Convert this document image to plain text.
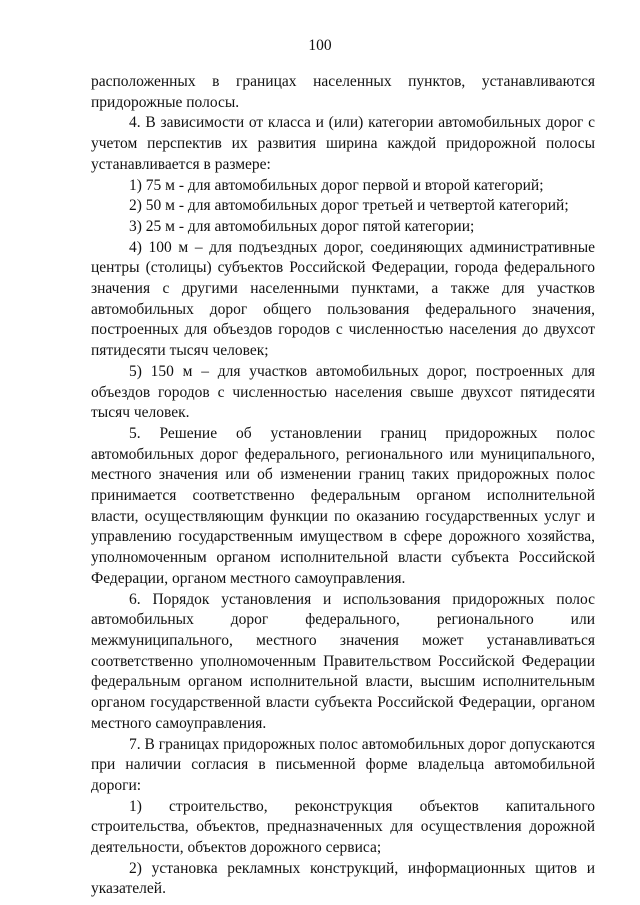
100

расположенных в границах населенных пунктов, устанавливаются придорожные полосы.

4. В зависимости от класса и (или) категории автомобильных дорог с учетом перспектив их развития ширина каждой придорожной полосы устанавливается в размере:

1) 75 м - для автомобильных дорог первой и второй категорий;

2) 50 м - для автомобильных дорог третьей и четвертой категорий;

3) 25 м - для автомобильных дорог пятой категории;

4) 100 м – для подъездных дорог, соединяющих административные центры (столицы) субъектов Российской Федерации, города федерального значения с другими населенными пунктами, а также для участков автомобильных дорог общего пользования федерального значения, построенных для объездов городов с численностью населения до двухсот пятидесяти тысяч человек;

5) 150 м – для участков автомобильных дорог, построенных для объездов городов с численностью населения свыше двухсот пятидесяти тысяч человек.

5. Решение об установлении границ придорожных полос автомобильных дорог федерального, регионального или муниципального, местного значения или об изменении границ таких придорожных полос принимается соответственно федеральным органом исполнительной власти, осуществляющим функции по оказанию государственных услуг и управлению государственным имуществом в сфере дорожного хозяйства, уполномоченным органом исполнительной власти субъекта Российской Федерации, органом местного самоуправления.

6. Порядок установления и использования придорожных полос автомобильных дорог федерального, регионального или межмуниципального, местного значения может устанавливаться соответственно уполномоченным Правительством Российской Федерации федеральным органом исполнительной власти, высшим исполнительным органом государственной власти субъекта Российской Федерации, органом местного самоуправления.

7. В границах придорожных полос автомобильных дорог допускаются при наличии согласия в письменной форме владельца автомобильной дороги:

1) строительство, реконструкция объектов капитального строительства, объектов, предназначенных для осуществления дорожной деятельности, объектов дорожного сервиса;

2) установка рекламных конструкций, информационных щитов и указателей.
